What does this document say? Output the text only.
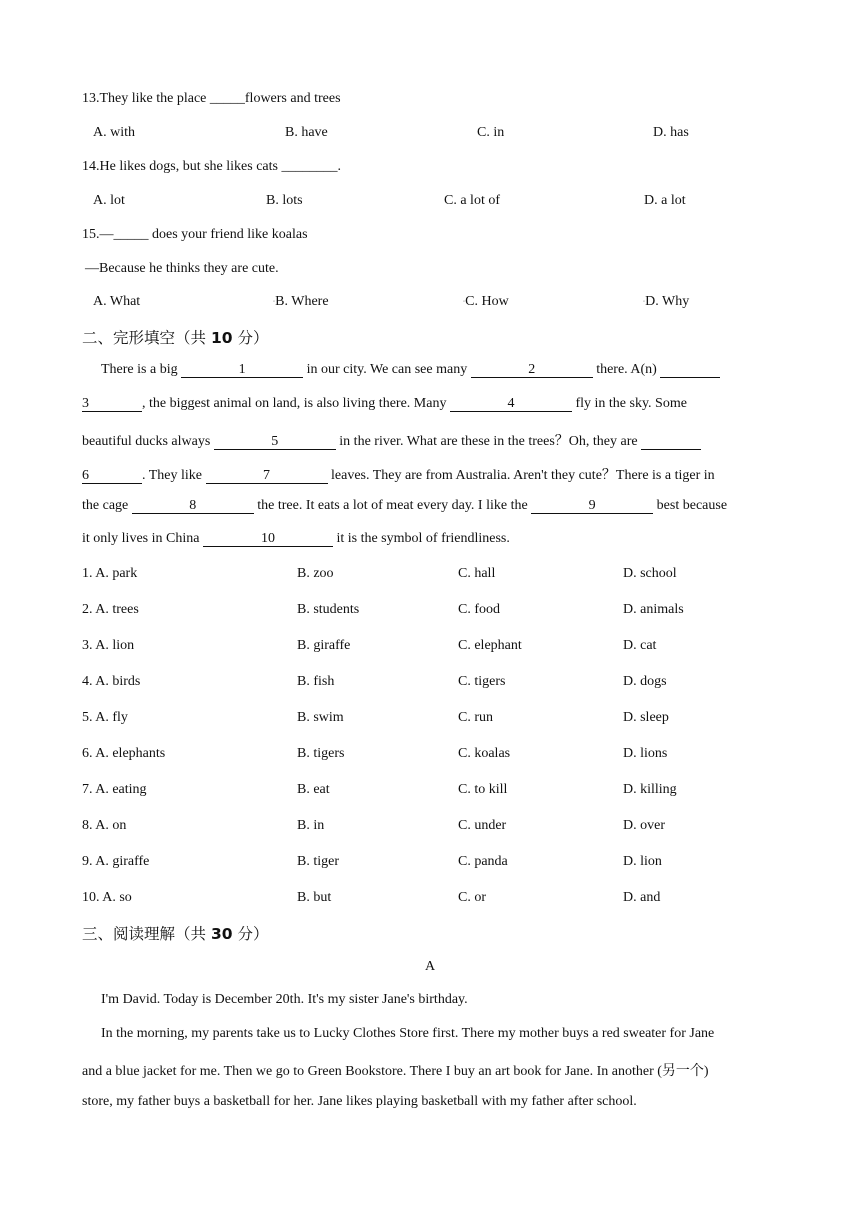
13.They like the place _____flowers and trees
A. with	B. have	C. in	D. has
14.He likes dogs, but she likes cats ________.
A. lot	B. lots	C. a lot of	D. a lot
15.—_____ does your friend like koalas
—Because he thinks they are cute.
A. What	◦B. Where	◦C. How	◦D. Why
二、完形填空（共 10 分）
There is a big	1	in our city. We can see many	2	there. A(n)
3	, the biggest animal on land, is also living there. Many	4	fly in the sky. Some
beautiful ducks always	5	in the river. What are these in the trees？Oh, they are
6	. They like	7	leaves. They are from Australia. Aren't they cute？There is a tiger in
the cage	8	the tree. It eats a lot of meat every day. I like the	9	best because
it only lives in China	10	it is the symbol of friendliness.
1. A. park	B. zoo	C. hall	D. school
2. A. trees	B. students	C. food	D. animals
3. A. lion	B. giraffe	C. elephant	D. cat
4. A. birds	B. fish	C. tigers	D. dogs
5. A. fly	B. swim	C. run	D. sleep
6. A. elephants	B. tigers	C. koalas	D. lions
7. A. eating	B. eat	C. to kill	D. killing
8. A. on	B. in	C. under	D. over
9. A. giraffe	B. tiger	C. panda	D. lion
10. A. so	B. but	C. or	D. and
三、阅读理解（共 30 分）
A
I'm David. Today is December 20th. It's my sister Jane's birthday.
In the morning, my parents take us to Lucky Clothes Store first. There my mother buys a red sweater for Jane
and a blue jacket for me. Then we go to Green Bookstore. There I buy an art book for Jane. In another (另一个)
store, my father buys a basketball for her. Jane likes playing basketball with my father after school.
